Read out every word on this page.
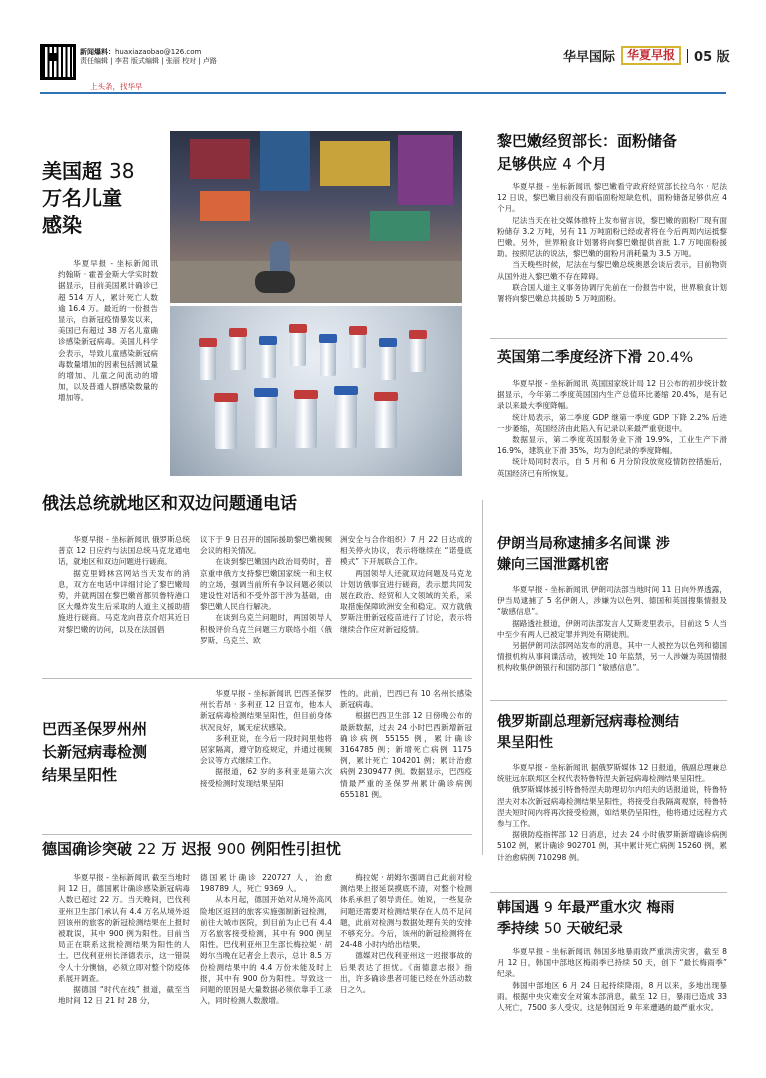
新闻爆料：huaxiazaobao@126.com
责任编辑 | 李君 版式编辑 | 张丽 校对 | 卢路
上头条，找华早
华早国际	华夏早报	05 版
美国超 38
万名儿童
感染
华夏早报 - 坐标新闻讯 约翰斯 · 霍普金斯大学实时数据显示，目前美国累计确诊已超 514 万人，累计死亡人数逾 16.4 万。最近的一份报告显示，自新冠疫情暴发以来，美国已有超过 38 万名儿童确诊感染新冠病毒。美国儿科学会表示，导致儿童感染新冠病毒数量增加的因素包括测试量的增加、儿童之间流动的增加，以及普通人群感染数量的增加等。
黎巴嫩经贸部长：面粉储备
足够供应 4 个月

华夏早报 - 坐标新闻讯 黎巴嫩看守政府经贸部长拉乌尔 · 尼法 12 日说，黎巴嫩目前没有面临面粉短缺危机，面粉储备足够供应 4 个月。

尼法当天在社交媒体推特上发布留言说，黎巴嫩的面粉厂现有面粉储存 3.2 万吨，另有 11 万吨面粉已经或者将在今后两周内运抵黎巴嫩。另外，世界粮食计划署将向黎巴嫩提供首批 1.7 万吨面粉援助。按照尼法的说法，黎巴嫩的面粉月消耗量为 3.5 万吨。

当天晚些时候，尼法在与黎巴嫩总统奥恩会谈后表示，目前物资从国外进入黎巴嫩不存在障碍。

联合国人道主义事务协调厅先前在一份报告中说，世界粮食计划署将向黎巴嫩总共援助 5 万吨面粉。

英国第二季度经济下滑 20.4%

华夏早报 - 坐标新闻讯 英国国家统计局 12 日公布的初步统计数据显示，今年第二季度英国国内生产总值环比萎缩 20.4%，是有记录以来最大季度降幅。

统计局表示，第二季度 GDP 继第一季度 GDP 下降 2.2% 后进一步萎缩，英国经济由此陷入有记录以来最严重衰退中。

数据显示，第二季度英国服务业下滑 19.9%，工业生产下滑 16.9%，建筑业下滑 35%，均为创纪录的季度降幅。

统计局同时表示，自 5 月和 6 月分阶段放宽疫情防控措施后，英国经济已有所恢复。

俄法总统就地区和双边问题通电话

华夏早报 - 坐标新闻讯 俄罗斯总统普京 12 日应约与法国总统马克龙通电话，就地区和双边问题进行磋商。

据克里姆林宫网站当天发布的消息，双方在电话中详细讨论了黎巴嫩局势，并就两国在黎巴嫩首都贝鲁特港口区大爆炸发生后采取的人道主义援助措施进行磋商。马克龙向普京介绍其近日对黎巴嫩的访问，以及在法国倡

议下于 9 日召开的国际援助黎巴嫩视频会议的相关情况。

在谈到黎巴嫩国内政治局势时，普京重申俄方支持黎巴嫩国家统一和主权的立场，强调当前所有争议问题必须以建设性对话和不受外部干涉为基础，由黎巴嫩人民自行解决。

在谈到乌克兰问题时，两国领导人积极评价乌克兰问题三方联络小组（俄罗斯、乌克兰、欧

洲安全与合作组织）7 月 22 日达成的相关停火协议，表示将继续在 “诺曼底模式” 下开展联合工作。

两国领导人还就双边问题及马克龙计划访俄事宜进行磋商，表示愿共同发展在政治、经贸和人文领域的关系，采取措施保障欧洲安全和稳定。双方就俄罗斯注册新冠疫苗进行了讨论，表示将继续合作应对新冠疫情。

巴西圣保罗州州
长新冠病毒检测
结果呈阳性

华夏早报 - 坐标新闻讯 巴西圣保罗州长若昂 · 多利亚 12 日宣布，他本人新冠病毒检测结果呈阳性，但目前身体状况良好，属无症状感染。

多利亚说，在今后一段时间里他将居家隔离，遵守防疫规定，并通过视频会议等方式继续工作。

据报道，62 岁的多利亚是第六次接受检测时发现结果呈阳

性的。此前，巴西已有 10 名州长感染新冠病毒。

根据巴西卫生部 12 日傍晚公布的最新数据，过去 24 小时巴西新增新冠确诊病例 55155 例，累计确诊 3164785 例；新增死亡病例 1175 例，累计死亡 104201 例；累计治愈病例 2309477 例。数据显示，巴西疫情最严重的圣保罗州累计确诊病例 655181 例。

德国确诊突破 22 万 迟报 900 例阳性引担忧

华夏早报 - 坐标新闻讯 截至当地时间 12 日，德国累计确诊感染新冠病毒人数已超过 22 万。当天晚间，巴伐利亚州卫生部门承认有 4.4 万名从境外返回该州的旅客的新冠检测结果在上报时被耽误，其中 900 例为阳性。目前当局正在联系这批检测结果为阳性的人士。巴伐利亚州长泽德表示，这一错误令人十分懊恼，必须立即对整个防疫体系展开调查。

据德国 “时代在线” 报道，截至当地时间 12 日 21 时 28 分，

德国累计确诊 220727 人，治愈 198789 人，死亡 9369 人。

从本月起，德国开始对从境外高风险地区返回的旅客实施强制新冠检测，前往大城市医院，到目前为止已有 4.4 万名旅客接受检测，其中有 900 例呈阳性。巴伐利亚州卫生部长梅拉妮 · 胡姆尔当晚在记者会上表示，总计 8.5 万份检测结果中的 4.4 万份未能及时上报，其中有 900 份为阳性。导致这一问题的原因是大量数据必须依靠手工录入，同时检测人数激增。

梅拉妮 · 胡姆尔强调自己此前对检测结果上报延误摸底不清，对整个检测体系承担了领导责任。她说，一些复杂问题还需要对检测结果存在人员不足问题，此前对检测与数据处理有关的安排不够充分。今后，该州的新冠检测将在 24-48 小时内给出结果。

德媒对巴伐利亚州这一迟报事故的后果表达了担忧。《南德意志报》指出，许多确诊患者可能已经在外活动数日之久。

伊朗当局称逮捕多名间谍 涉
嫌向三国泄露机密

华夏早报 - 坐标新闻讯 伊朗司法部当地时间 11 日向外界透露，伊当局逮捕了 5 名伊朗人，涉嫌为以色列、德国和英国搜集情报及 “敏感信息”。

据路透社报道，伊朗司法部发言人艾斯麦里表示，目前这 5 人当中至少有两人已被定罪并判处有期徒刑。

另据伊朗司法部网站发布的消息，其中一人被控为以色列和德国情报机构从事间谍活动，被判处 10 年监禁，另一人涉嫌为英国情报机构收集伊朗银行和国防部门 “敏感信息”。

俄罗斯副总理新冠病毒检测结
果呈阳性

华夏早报 - 坐标新闻讯 据俄罗斯媒体 12 日报道，俄副总理兼总统驻远东联邦区全权代表特鲁特涅夫新冠病毒检测结果呈阳性。

俄罗斯媒体援引特鲁特涅夫助理切尔内绍夫的话报道说，特鲁特涅夫对本次新冠病毒检测结果呈阳性，将接受自我隔离观察，特鲁特涅夫短时间内将再次接受检测，如结果仍呈阳性，他将通过远程方式参与工作。

据俄防疫指挥部 12 日消息，过去 24 小时俄罗斯新增确诊病例 5102 例，累计确诊 902701 例，其中累计死亡病例 15260 例，累计治愈病例 710298 例。

韩国遇 9 年最严重水灾 梅雨
季持续 50 天破纪录

华夏早报 - 坐标新闻讯 韩国多地暴雨致严重洪涝灾害，截至 8 月 12 日，韩国中部地区梅雨季已持续 50 天，创下 “最长梅雨季” 纪录。

韩国中部地区 6 月 24 日起持续降雨，8 月以来，多地出现暴雨。根据中央灾难安全对策本部消息，截至 12 日，暴雨已造成 33 人死亡，7500 多人受灾。这是韩国近 9 年来遭遇的最严重水灾。
